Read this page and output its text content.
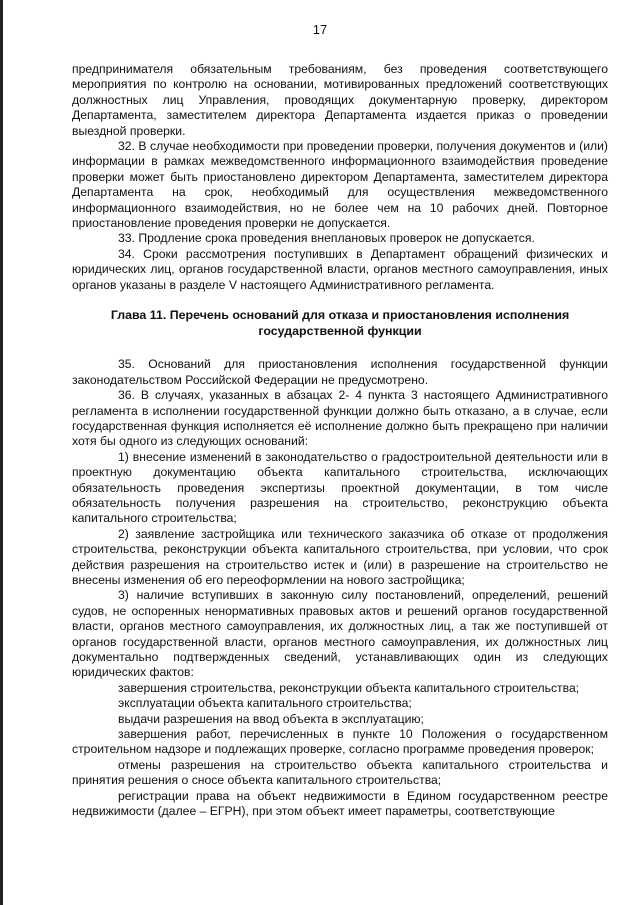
17

предпринимателя обязательным требованиям, без проведения соответствующего мероприятия по контролю на основании, мотивированных предложений соответствующих должностных лиц Управления, проводящих документарную проверку, директором Департамента, заместителем директора Департамента издается приказ о проведении выездной проверки.

32. В случае необходимости при проведении проверки, получения документов и (или) информации в рамках межведомственного информационного взаимодействия проведение проверки может быть приостановлено директором Департамента, заместителем директора Департамента на срок, необходимый для осуществления межведомственного информационного взаимодействия, но не более чем на 10 рабочих дней. Повторное приостановление проведения проверки не допускается.

33. Продление срока проведения внеплановых проверок не допускается.

34. Сроки рассмотрения поступивших в Департамент обращений физических и юридических лиц, органов государственной власти, органов местного самоуправления, иных органов указаны в разделе V настоящего Административного регламента.

Глава 11. Перечень оснований для отказа и приостановления исполнения государственной функции

35. Оснований для приостановления исполнения государственной функции законодательством Российской Федерации не предусмотрено.

36. В случаях, указанных в абзацах 2- 4 пункта 3 настоящего Административного регламента в исполнении государственной функции должно быть отказано, а в случае, если государственная функция исполняется её исполнение должно быть прекращено при наличии хотя бы одного из следующих оснований:

1) внесение изменений в законодательство о градостроительной деятельности или в проектную документацию объекта капитального строительства, исключающих обязательность проведения экспертизы проектной документации, в том числе обязательность получения разрешения на строительство, реконструкцию объекта капитального строительства;

2) заявление застройщика или технического заказчика об отказе от продолжения строительства, реконструкции объекта капитального строительства, при условии, что срок действия разрешения на строительство истек и (или) в разрешение на строительство не внесены изменения об его переоформлении на нового застройщика;

3) наличие вступивших в законную силу постановлений, определений, решений судов, не оспоренных ненормативных правовых актов и решений органов государственной власти, органов местного самоуправления, их должностных лиц, а так же поступившей от органов государственной власти, органов местного самоуправления, их должностных лиц документально подтвержденных сведений, устанавливающих один из следующих юридических фактов:

завершения строительства, реконструкции объекта капитального строительства;

эксплуатации объекта капитального строительства;

выдачи разрешения на ввод объекта в эксплуатацию;

завершения работ, перечисленных в пункте 10 Положения о государственном строительном надзоре и подлежащих проверке, согласно программе проведения проверок;

отмены разрешения на строительство объекта капитального строительства и принятия решения о сносе объекта капитального строительства;

регистрации права на объект недвижимости в Едином государственном реестре недвижимости (далее – ЕГРН), при этом объект имеет параметры, соответствующие
